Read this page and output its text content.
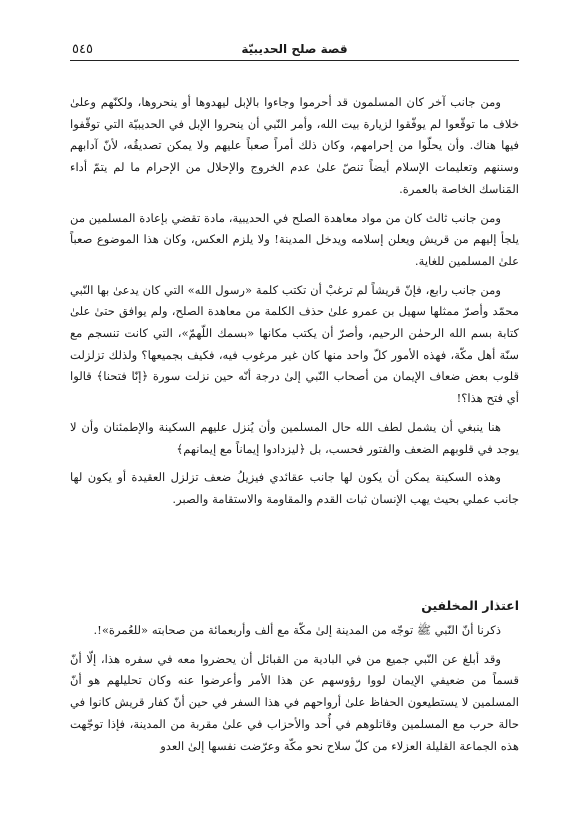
٥٤٥	قصة صلح الحديبيّة

ومن جانب آخر كان المسلمون قد أحرموا وجاءوا بالإبل ليهدوها أو ينحروها، ولكنّهم وعلىٰ خلاف ما توقّعوا لم يوفّقوا لزيارة بيت الله، وأمر النّبي أن ينحروا الإبل في الحديبيّة التي توقّفوا فيها هناك. وأن يحلّوا من إحرامهم، وكان ذلك أمراً صعباً عليهم ولا يمكن تصديقُه، لأنّ آدابهم وسننهم وتعليمات الإسلام أيضاً تنصّ علىٰ عدم الخروج والإحلال من الإحرام ما لم يتمّ أداء المَناسك الخاصة بالعمرة.

ومن جانب ثالث كان من مواد معاهدة الصلح في الحديبية، مادة تقضي بإعادة المسلمين من يلجأ إليهم من قريش ويعلن إسلامه ويدخل المدينة! ولا يلزم العكس، وكان هذا الموضوع صعباً علىٰ المسلمين للغاية.

ومن جانب رابع، فإنّ قريشاً لم ترغبْ أن تكتب كلمة «رسول الله» التي كان يدعىٰ بها النّبي محمّد وأصرّ ممثلها سهيل بن عمرو علىٰ حذف الكلمة من معاهدة الصلح، ولم يوافق حتىٰ علىٰ كتابة بسم الله الرحمٰن الرحيم، وأصرّ أن يكتب مكانها «بسمك اللّهمّ»، التي كانت تنسجم مع سنّة أهل مكّة، فهذه الأمور كلّ واحد منها كان غير مرغوب فيه، فكيف بجميعها؟ ولذلك تزلزلت قلوب بعض ضعاف الإيمان من أصحاب النّبي إلىٰ درجة أنّه حين نزلت سورة ﴿إنّا فتحنا﴾ قالوا أي فتح هذا؟!

هنا ينبغي أن يشمل لطف الله حال المسلمين وأن يُنزل عليهم السكينة والإطمئنان وأن لا يوجد في قلوبهم الضعف والفتور فحسب، بل ﴿ليزدادوا إيماناً مع إيمانهم﴾

وهذه السكينة يمكن أن يكون لها جانب عقائدي فيزيلُ ضعف تزلزل العقيدة أو يكون لها جانب عملي بحيث يهب الإنسان ثبات القدم والمقاومة والاستقامة والصبر.

اعتذار المخلفين

ذكرنا أنّ النّبي ﷺ توجّه من المدينة إلىٰ مكّة مع ألف وأربعمائة من صحابته «للعُمرة»!.

وقد أبلغ عن النّبي جميع من في البادية من القبائل أن يحضروا معه في سفره هذا، إلّا أنّ قسماً من ضعيفي الإيمان لووا رؤوسهم عن هذا الأمر وأعرضوا عنه وكان تحليلهم هو أنّ المسلمين لا يستطيعون الحفاظ علىٰ أرواحهم في هذا السفر في حين أنّ كفار قريش كانوا في حالة حرب مع المسلمين وقاتلوهم في أُحد والأحزاب في علىٰ مقربة من المدينة، فإذا توجّهت هذه الجماعة القليلة العزلاء من كلّ سلاح نحو مكّة وعرّضت نفسها إلىٰ العدو
